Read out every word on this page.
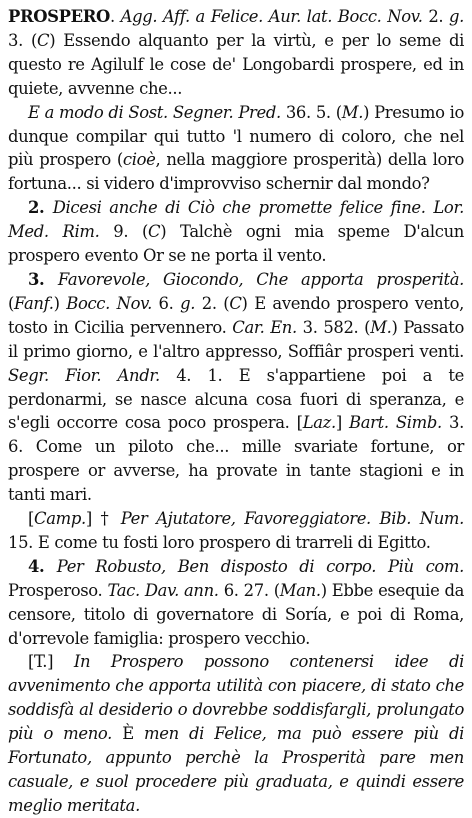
PROSPERO. Agg. Aff. a Felice. Aur. lat. Bocc. Nov. 2. g. 3. (C) Essendo alquanto per la virtù, e per lo seme di questo re Agilulf le cose de' Longobardi prospere, ed in quiete, avvenne che...

E a modo di Sost. Segner. Pred. 36. 5. (M.) Presumo io dunque compilar qui tutto 'l numero di coloro, che nel più prospero (cioè, nella maggiore prosperità) della loro fortuna... si videro d'improvviso schernir dal mondo?

2. Dicesi anche di Ciò che promette felice fine. Lor. Med. Rim. 9. (C) Talchè ogni mia speme D'alcun prospero evento Or se ne porta il vento.

3. Favorevole, Giocondo, Che apporta prosperità. (Fanf.) Bocc. Nov. 6. g. 2. (C) E avendo prospero vento, tosto in Cicilia pervennero. Car. En. 3. 582. (M.) Passato il primo giorno, e l'altro appresso, Soffiâr prosperi venti. Segr. Fior. Andr. 4. 1. E s'appartiene poi a te perdonarmi, se nasce alcuna cosa fuori di speranza, e s'egli occorre cosa poco prospera. [Laz.] Bart. Simb. 3. 6. Come un piloto che... mille svariate fortune, or prospere or avverse, ha provate in tante stagioni e in tanti mari.

[Camp.] † Per Ajutatore, Favoreggiatore. Bib. Num. 15. E come tu fosti loro prospero di trarreli di Egitto.

4. Per Robusto, Ben disposto di corpo. Più com. Prosperoso. Tac. Dav. ann. 6. 27. (Man.) Ebbe esequie da censore, titolo di governatore di Soría, e poi di Roma, d'orrevole famiglia: prospero vecchio.

[T.] In Prospero possono contenersi idee di avvenimento che apporta utilità con piacere, di stato che soddisfà al desiderio o dovrebbe soddisfargli, prolungato più o meno. È men di Felice, ma può essere più di Fortunato, appunto perchè la Prosperità pare men casuale, e suol procedere più graduata, e quindi essere meglio meritata.
